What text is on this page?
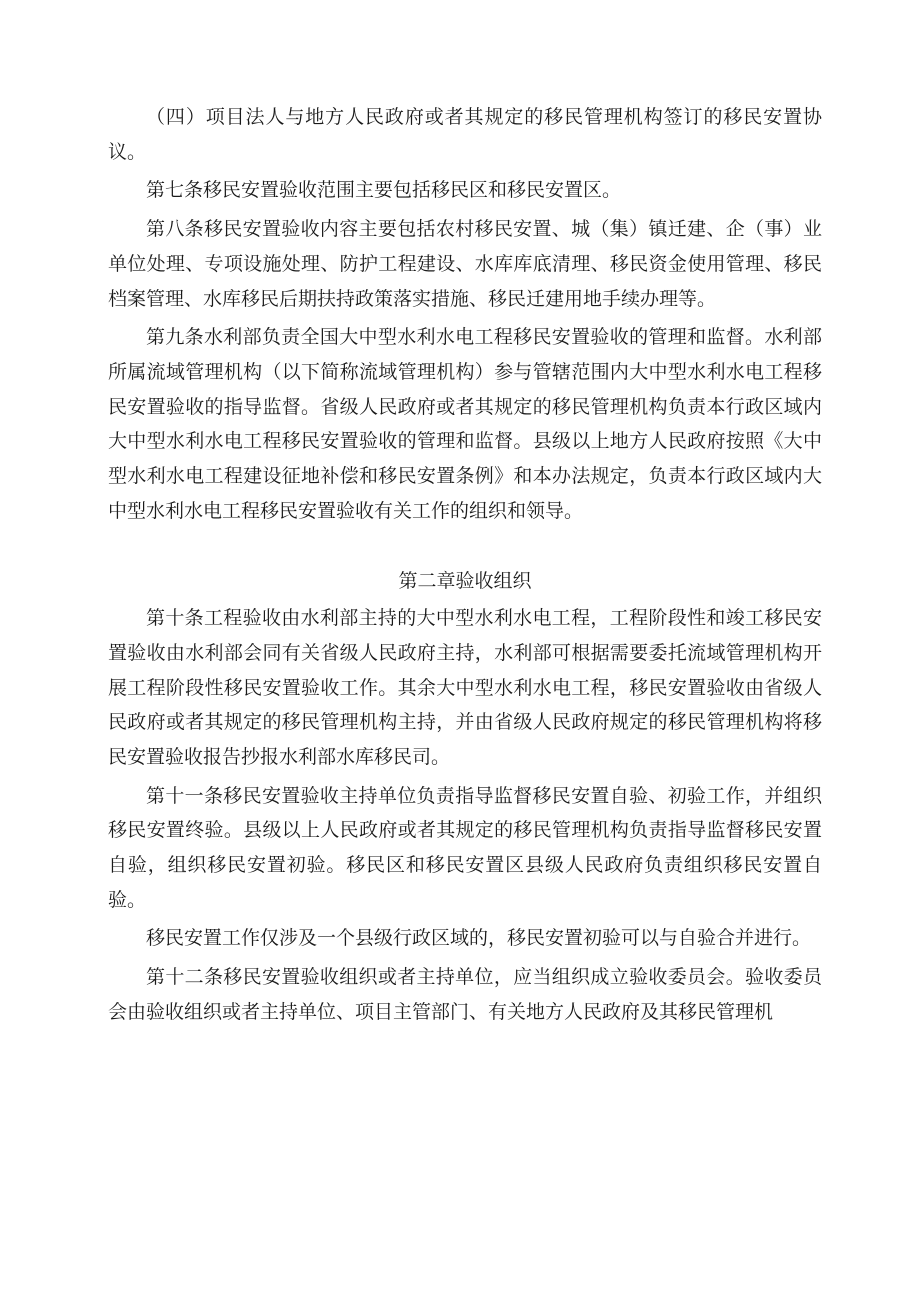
（四）项目法人与地方人民政府或者其规定的移民管理机构签订的移民安置协议。

第七条移民安置验收范围主要包括移民区和移民安置区。

第八条移民安置验收内容主要包括农村移民安置、城（集）镇迁建、企（事）业单位处理、专项设施处理、防护工程建设、水库库底清理、移民资金使用管理、移民档案管理、水库移民后期扶持政策落实措施、移民迁建用地手续办理等。

第九条水利部负责全国大中型水利水电工程移民安置验收的管理和监督。水利部所属流域管理机构（以下简称流域管理机构）参与管辖范围内大中型水利水电工程移民安置验收的指导监督。省级人民政府或者其规定的移民管理机构负责本行政区域内大中型水利水电工程移民安置验收的管理和监督。县级以上地方人民政府按照《大中型水利水电工程建设征地补偿和移民安置条例》和本办法规定，负责本行政区域内大中型水利水电工程移民安置验收有关工作的组织和领导。

第二章验收组织

第十条工程验收由水利部主持的大中型水利水电工程，工程阶段性和竣工移民安置验收由水利部会同有关省级人民政府主持，水利部可根据需要委托流域管理机构开展工程阶段性移民安置验收工作。其余大中型水利水电工程，移民安置验收由省级人民政府或者其规定的移民管理机构主持，并由省级人民政府规定的移民管理机构将移民安置验收报告抄报水利部水库移民司。

第十一条移民安置验收主持单位负责指导监督移民安置自验、初验工作，并组织移民安置终验。县级以上人民政府或者其规定的移民管理机构负责指导监督移民安置自验，组织移民安置初验。移民区和移民安置区县级人民政府负责组织移民安置自验。

移民安置工作仅涉及一个县级行政区域的，移民安置初验可以与自验合并进行。

第十二条移民安置验收组织或者主持单位，应当组织成立验收委员会。验收委员会由验收组织或者主持单位、项目主管部门、有关地方人民政府及其移民管理机
